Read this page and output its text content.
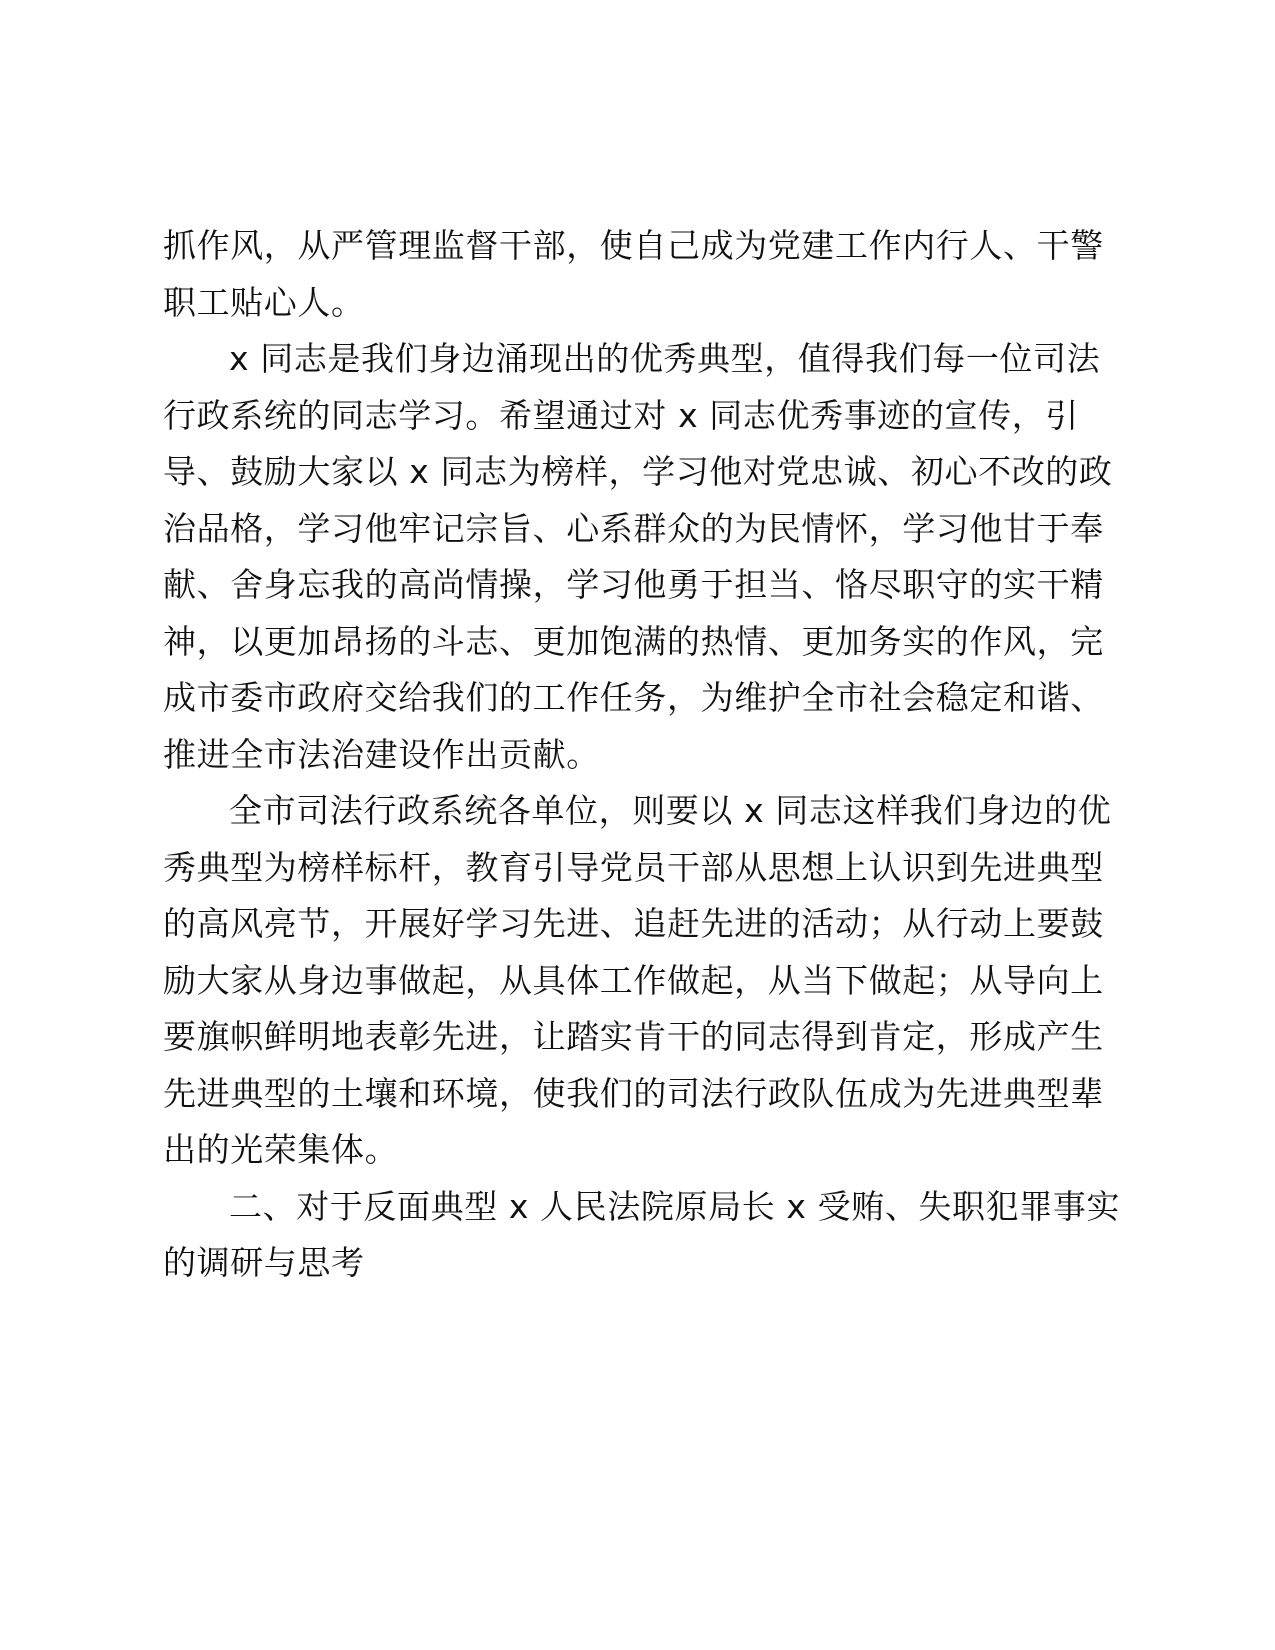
抓作风，从严管理监督干部，使自己成为党建工作内行人、干警
职工贴心人。
x 同志是我们身边涌现出的优秀典型，值得我们每一位司法
行政系统的同志学习。希望通过对 x 同志优秀事迹的宣传，引
导、鼓励大家以 x 同志为榜样，学习他对党忠诚、初心不改的政
治品格，学习他牢记宗旨、心系群众的为民情怀，学习他甘于奉
献、舍身忘我的高尚情操，学习他勇于担当、恪尽职守的实干精
神，以更加昂扬的斗志、更加饱满的热情、更加务实的作风，完
成市委市政府交给我们的工作任务，为维护全市社会稳定和谐、
推进全市法治建设作出贡献。
全市司法行政系统各单位，则要以 x 同志这样我们身边的优
秀典型为榜样标杆，教育引导党员干部从思想上认识到先进典型
的高风亮节，开展好学习先进、追赶先进的活动；从行动上要鼓
励大家从身边事做起，从具体工作做起，从当下做起；从导向上
要旗帜鲜明地表彰先进，让踏实肯干的同志得到肯定，形成产生
先进典型的土壤和环境，使我们的司法行政队伍成为先进典型辈
出的光荣集体。
二、对于反面典型 x 人民法院原局长 x 受贿、失职犯罪事实
的调研与思考
